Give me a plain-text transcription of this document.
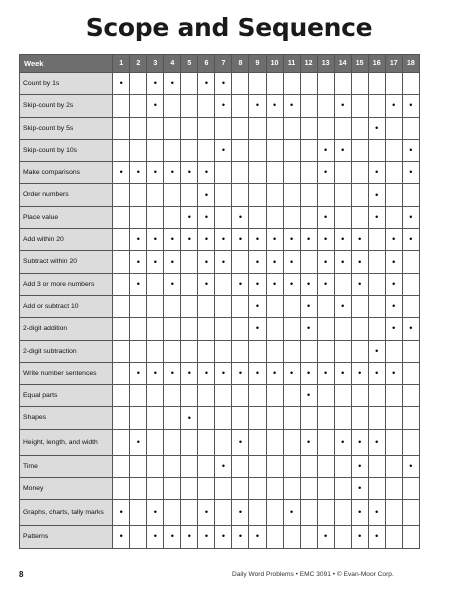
Scope and Sequence
Week	1	2	3	4	5	6	7	8	9	10	11	12	13	14	15	16	17	18
Count by 1s	•		•	•		•	•											
Skip-count by 2s			•				•		•	•	•			•			•	•
Skip-count by 5s																•		
Skip-count by 10s							•						•	•				•
Make comparisons	•	•	•	•	•	•							•			•		•
Order numbers						•										•		
Place value					•	•		•					•			•		•
Add within 20		•	•	•	•	•	•	•	•	•	•	•	•	•	•		•	•
Subtract within 20		•	•	•		•	•		•	•	•		•	•	•		•	
Add 3 or more numbers		•		•		•		•	•	•	•	•	•		•		•	
Add or subtract 10									•			•		•			•	
2-digit addition									•			•					•	•
2-digit subtraction																•		
Write number sentences		•	•	•	•	•	•	•	•	•	•	•	•	•	•	•	•	
Equal parts												•						
Shapes					•													
Height, length, and width		•						•				•		•	•	•		
Time							•								•			•
Money															•			
Graphs, charts, tally marks	•		•			•		•			•				•	•		
Patterns	•		•	•	•	•	•	•	•				•		•	•		
8	Daily Word Problems • EMC 3091 • © Evan-Moor Corp.
